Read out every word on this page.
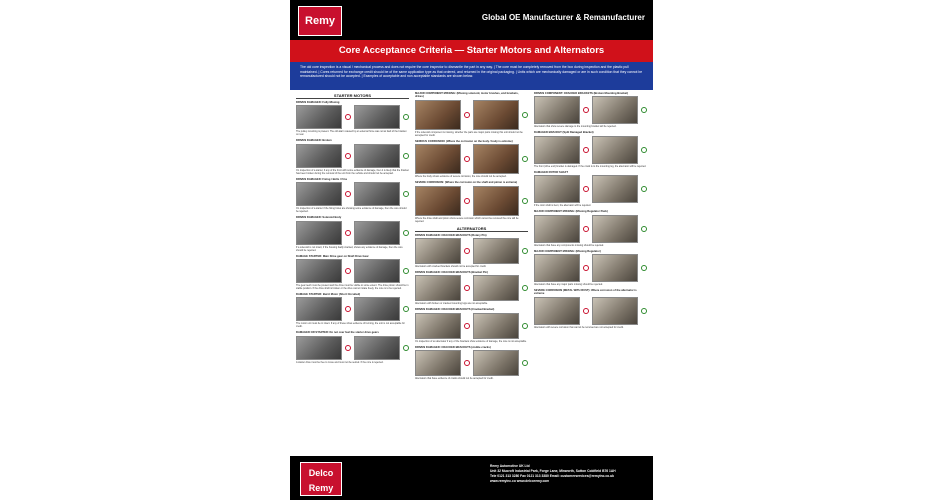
Remy	Global OE Manufacturer & Remanufacturer
Core Acceptance Criteria — Starter Motors and Alternators

The old core inspection is a visual / mechanical process and does not require the core inspector to dismantle the part in any way. | The core must be completely removed from the box during inspection and the plastic pull maintained. | Cores returned for exchange credit should be of the same application type as that ordered, and returned in the original packaging. | Units which are mechanically damaged or are in such condition that they cannot be remanufactured should not be accepted. | Examples of acceptable and non acceptable standards are shown below.

STARTER MOTORS
DRIVEN DAMAGED: Fully Missing
The pulley mounting is present. The old alarm caused by an external force was not at fault of the bracket on rear.
DRIVEN DAMAGED: Broken
On inspection of a starter, if any of the front with some evidence of damage, then it is likely that the bracket has been broken during the removal of the unit from the vehicle and should not be accepted.
DRIVEN DAMAGED: Fixing / Bolts / Fins
On inspection of a starter if the fixing holes are showing some evidence of damage, then the core should be rejected.
DRIVEN DAMAGED: Solenoid Body
If a solenoid is not intact, if the housing badly cracked, shows any evidence of damage, then the core should be rejected.
DAMAGE STARTER: Main Drive gear on Shaft Drive Gear
The gear teeth must be present and the drive must be visible to some extent. The drive pinion should be in stable position. If the drive shaft is broken or the drive cannot rotate freely, the core is to be rejected.
DAMAGE STARTER: Burnt Motor (Short Circuited)
The motor unit must be in intact. If any of these show evidence of burning, the unit is not acceptable for credit.
DAMAGED OR STARTER: Do not over feel the starter drive gears
A starter drive must be free to move and must not be seized. If the core is rejected.
MAJOR COMPONENT MISSING: (Missing solenoid, motor brushes, end brackets, drives)
If the solenoid component is missing, whether the parts are major parts missing this unit should not be accepted for credit.
SERIOUS CORROSION: (Where the corrosion on the body / body is extreme)
Where the body shows evidence of severe corrosion, the core should not be accepted.
SEVERE CORROSION: (Where the corrosion on the shaft and pinion is extreme)
Where the drive shaft and pinion show severe corrosion which cannot be removed the core will be rejected.
ALTERNATORS
DRIVEN DAMAGED: CRACKED BRACKETS (Rotary Pin)
Alternators with cracked brackets should not be accepted for credit.
DRIVEN DAMAGED: CRACKED BRACKETS (Bracket Pin)
Alternators with broken or cracked mounting lugs are not acceptable.
DRIVEN DAMAGED: CRACKED BRACKETS (Cracked Bracket)
On inspection of an alternator if any of the brackets show evidence of damage, the core is not acceptable.
DRIVEN DAMAGED: CRACKED BRACKETS (visible cracks)
Alternators that have evidence of cracks should not be accepted for credit.
DRIVEN COMPONENT: CRACKED BRACKETS (Broken Mounting Bracket)
Alternators that show severe damage to the mounting bracket will be rejected.
DAMAGED BRACKET (Split Damaged Bracket)
The front (drive end) bracket is damaged. If the crack is to the mounting lug, the alternator will be rejected.
DAMAGED ROTOR SHAFT
If the rotor shaft is bent, the alternator will be rejected.
MAJOR COMPONENT MISSING: (Missing Regulator Pack)
Alternators that have any components missing should be rejected.
MAJOR COMPONENT MISSING: (Missing Regulator)
Alternators that have any major parts missing should be rejected.
SEVERE CORROSION (METAL WITH RUST): Where corrosion of the alternator is extreme
Alternators with severe corrosion that cannot be removed are not accepted for credit.
Delco
Remy
Remy Automotive UK Ltd
Unit 32 Mucroft Industrial Park, Forge Lane, Minworth, Sutton Coldfield B76 1AH
Tele 0121 313 3280 Fax 0121 313 3380 Email: customerservices@remyinc.co.uk
www.remyinc.co www.delcoremy.com
